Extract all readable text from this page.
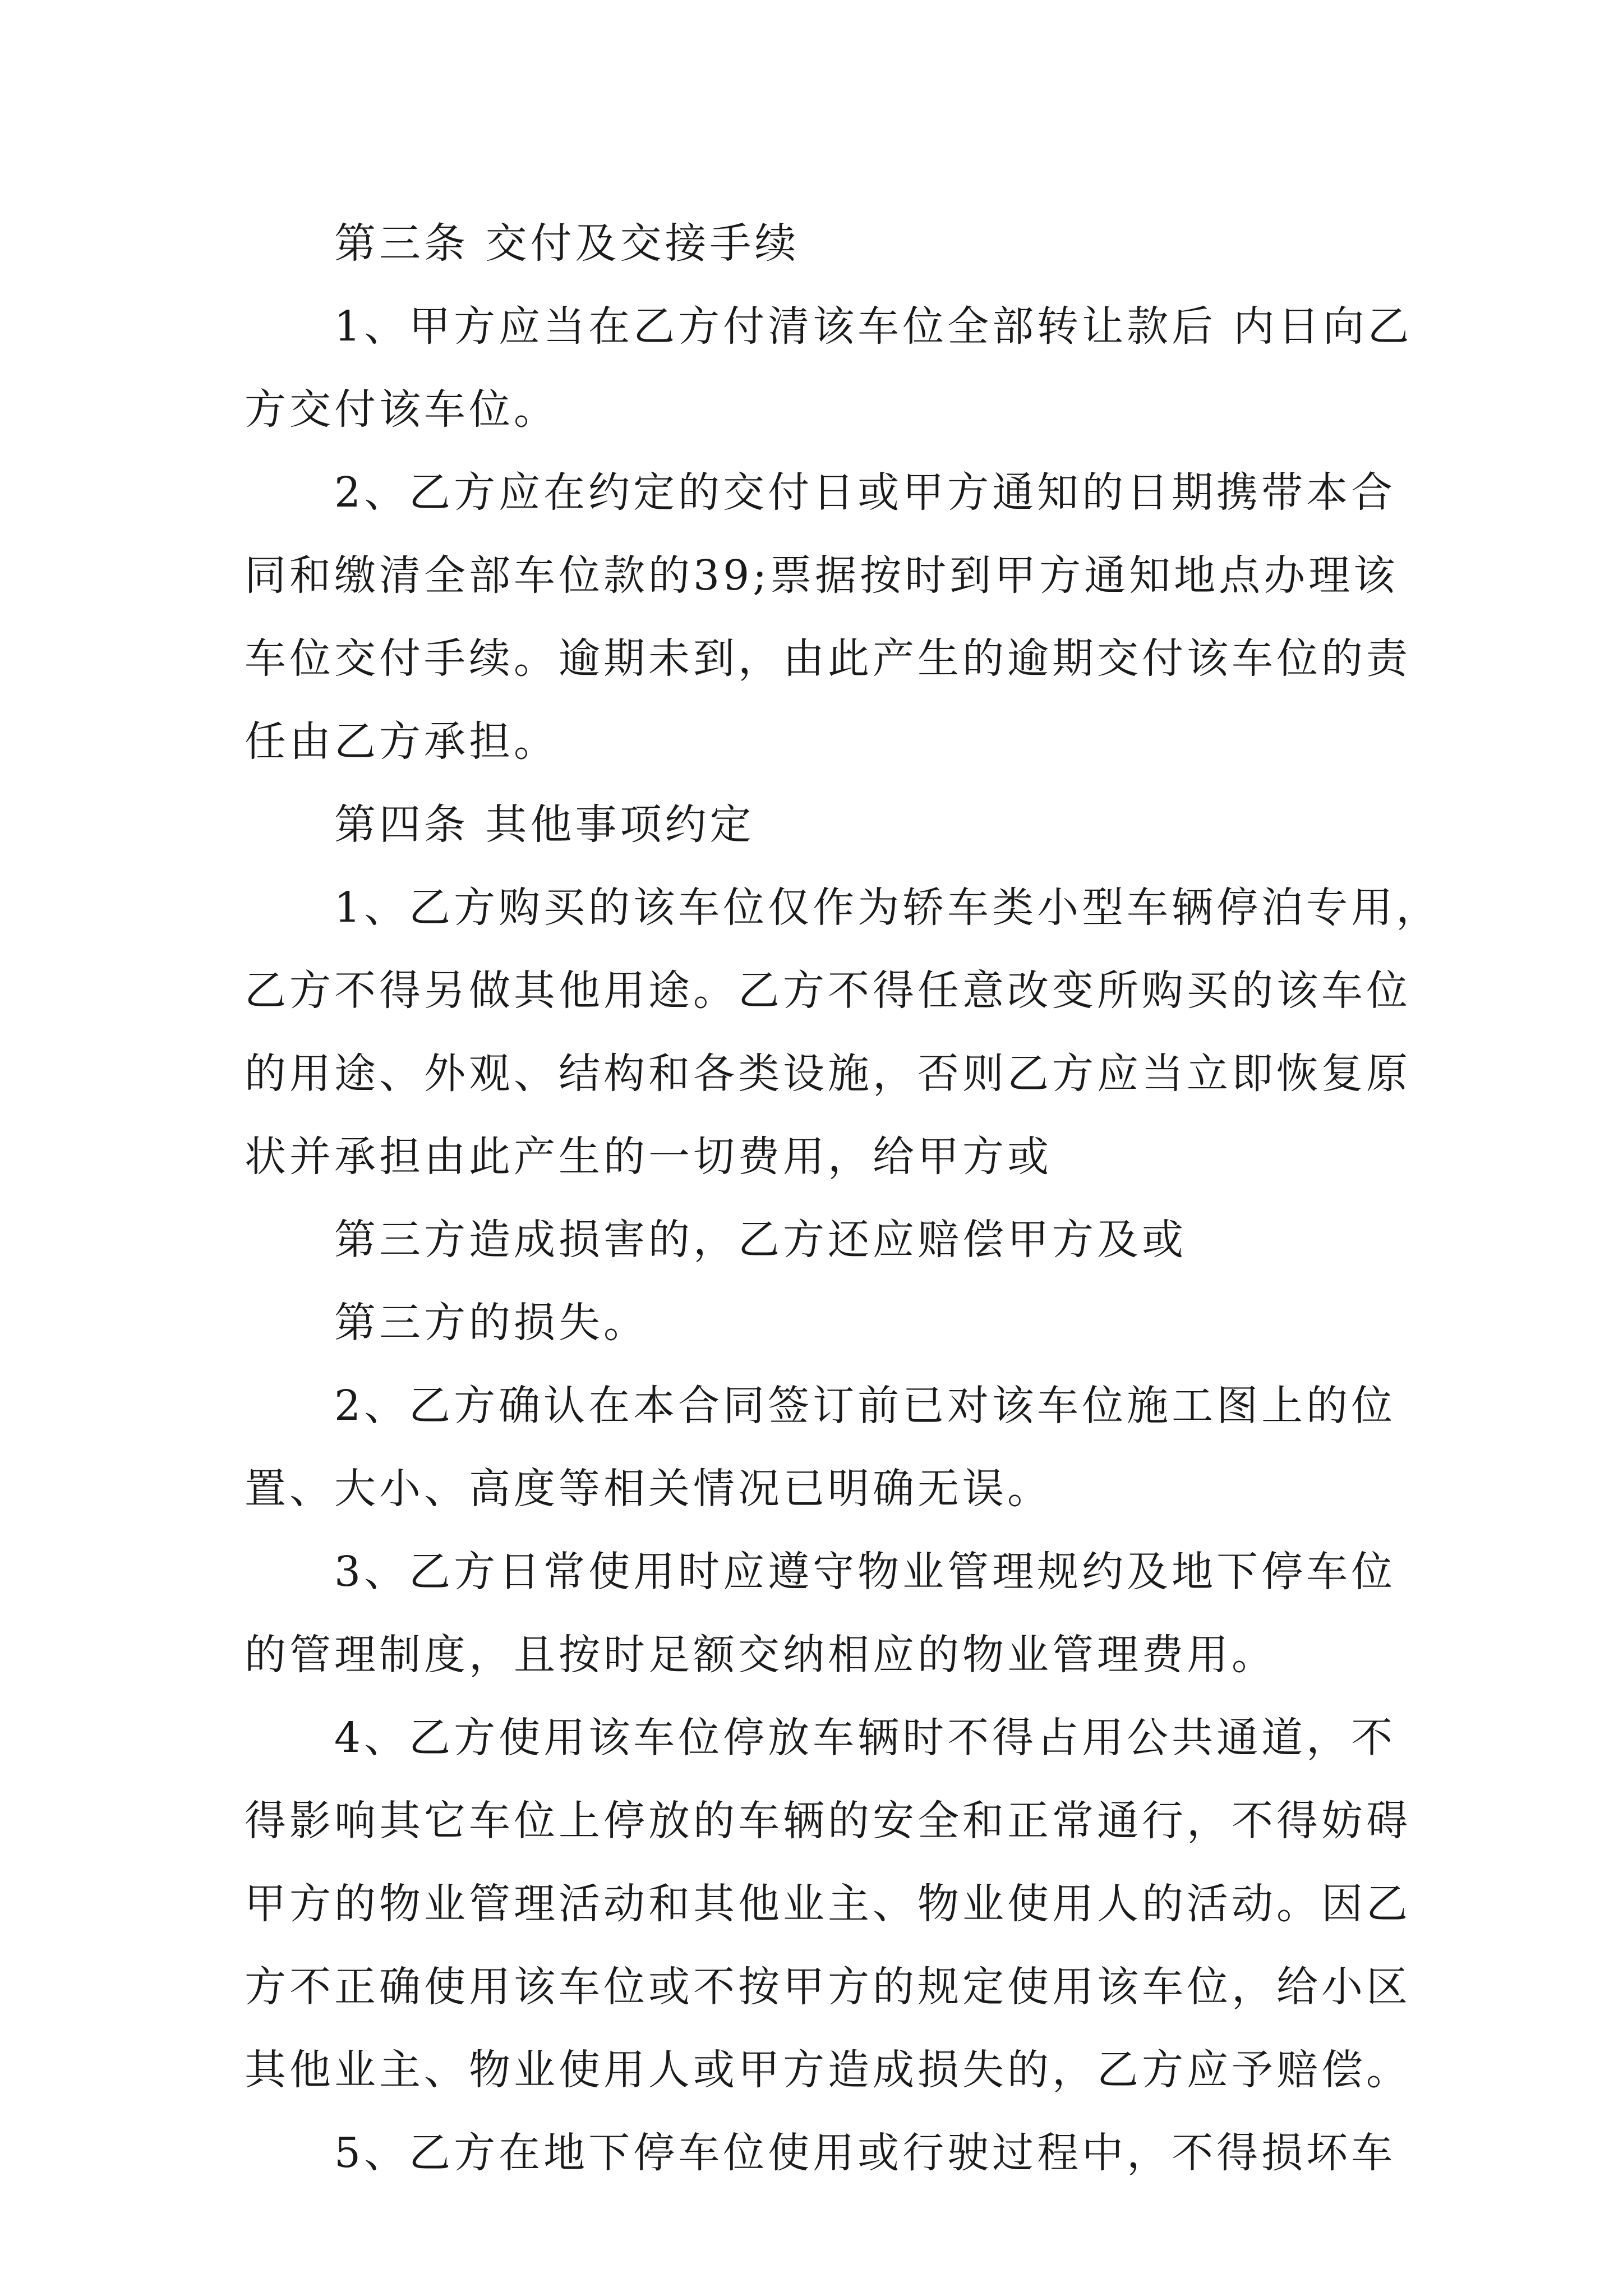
第三条 交付及交接手续
1、甲方应当在乙方付清该车位全部转让款后 内日向乙
方交付该车位。
2、乙方应在约定的交付日或甲方通知的日期携带本合
同和缴清全部车位款的39;票据按时到甲方通知地点办理该
车位交付手续。逾期未到，由此产生的逾期交付该车位的责
任由乙方承担。
第四条 其他事项约定
1、乙方购买的该车位仅作为轿车类小型车辆停泊专用，
乙方不得另做其他用途。乙方不得任意改变所购买的该车位
的用途、外观、结构和各类设施，否则乙方应当立即恢复原
状并承担由此产生的一切费用，给甲方或
第三方造成损害的，乙方还应赔偿甲方及或
第三方的损失。
2、乙方确认在本合同签订前已对该车位施工图上的位
置、大小、高度等相关情况已明确无误。
3、乙方日常使用时应遵守物业管理规约及地下停车位
的管理制度，且按时足额交纳相应的物业管理费用。
4、乙方使用该车位停放车辆时不得占用公共通道，不
得影响其它车位上停放的车辆的安全和正常通行，不得妨碍
甲方的物业管理活动和其他业主、物业使用人的活动。因乙
方不正确使用该车位或不按甲方的规定使用该车位，给小区
其他业主、物业使用人或甲方造成损失的，乙方应予赔偿。
5、乙方在地下停车位使用或行驶过程中，不得损坏车
